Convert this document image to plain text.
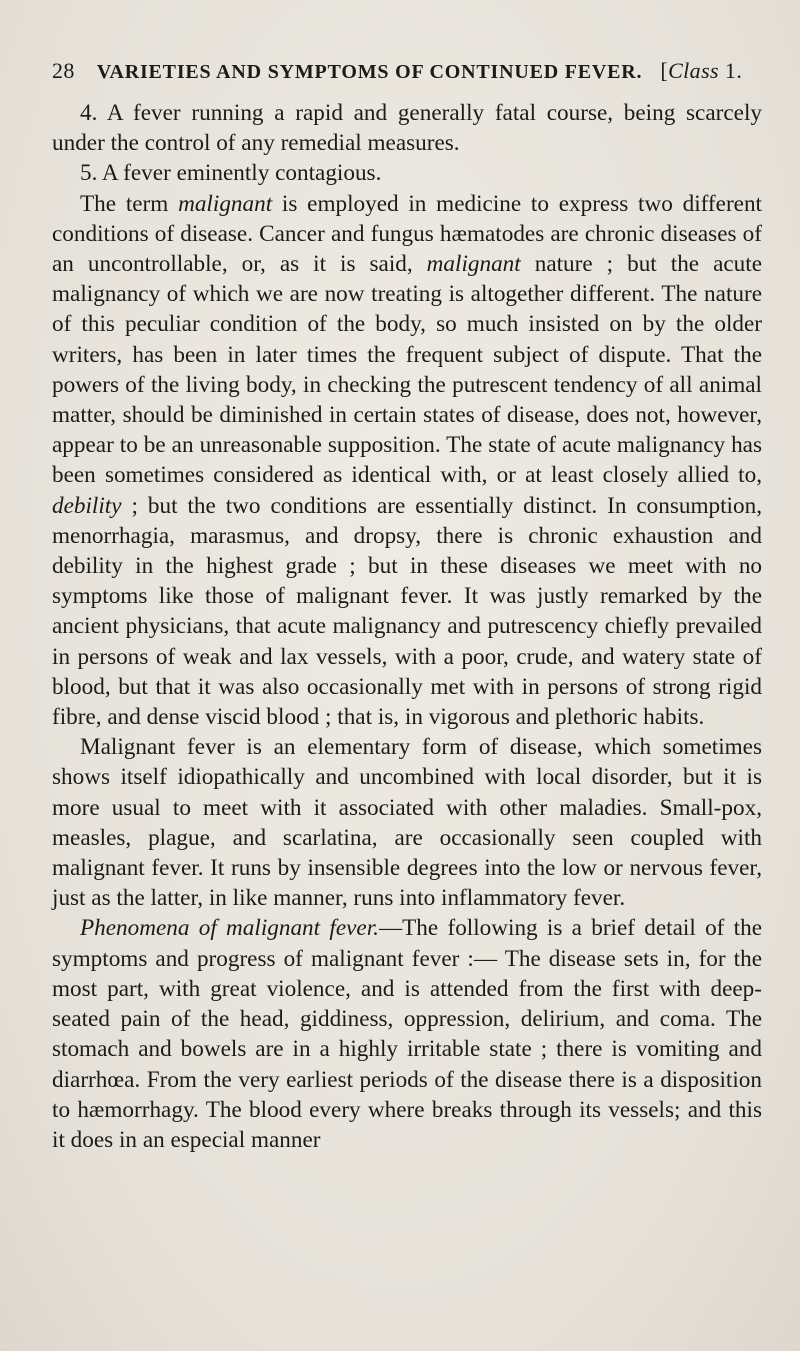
28 VARIETIES AND SYMPTOMS OF CONTINUED FEVER. [Class 1.

4. A fever running a rapid and generally fatal course, being scarcely under the control of any remedial measures.

5. A fever eminently contagious.

The term malignant is employed in medicine to express two different conditions of disease. Cancer and fungus hæmatodes are chronic diseases of an uncontrollable, or, as it is said, malignant nature ; but the acute malignancy of which we are now treating is altogether different. The nature of this peculiar condition of the body, so much insisted on by the older writers, has been in later times the frequent subject of dispute. That the powers of the living body, in checking the putrescent tendency of all animal matter, should be diminished in certain states of disease, does not, however, appear to be an unreasonable supposition. The state of acute malignancy has been sometimes considered as identical with, or at least closely allied to, debility ; but the two conditions are essentially distinct. In consumption, menorrhagia, marasmus, and dropsy, there is chronic exhaustion and debility in the highest grade ; but in these diseases we meet with no symptoms like those of malignant fever. It was justly remarked by the ancient physicians, that acute malignancy and putrescency chiefly prevailed in persons of weak and lax vessels, with a poor, crude, and watery state of blood, but that it was also occasionally met with in persons of strong rigid fibre, and dense viscid blood ; that is, in vigorous and plethoric habits.

Malignant fever is an elementary form of disease, which sometimes shows itself idiopathically and uncombined with local disorder, but it is more usual to meet with it associated with other maladies. Small-pox, measles, plague, and scarlatina, are occasionally seen coupled with malignant fever. It runs by insensible degrees into the low or nervous fever, just as the latter, in like manner, runs into inflammatory fever.

Phenomena of malignant fever.—The following is a brief detail of the symptoms and progress of malignant fever :— The disease sets in, for the most part, with great violence, and is attended from the first with deep-seated pain of the head, giddiness, oppression, delirium, and coma. The stomach and bowels are in a highly irritable state ; there is vomiting and diarrhœa. From the very earliest periods of the disease there is a disposition to hæmorrhagy. The blood every where breaks through its vessels; and this it does in an especial manner
